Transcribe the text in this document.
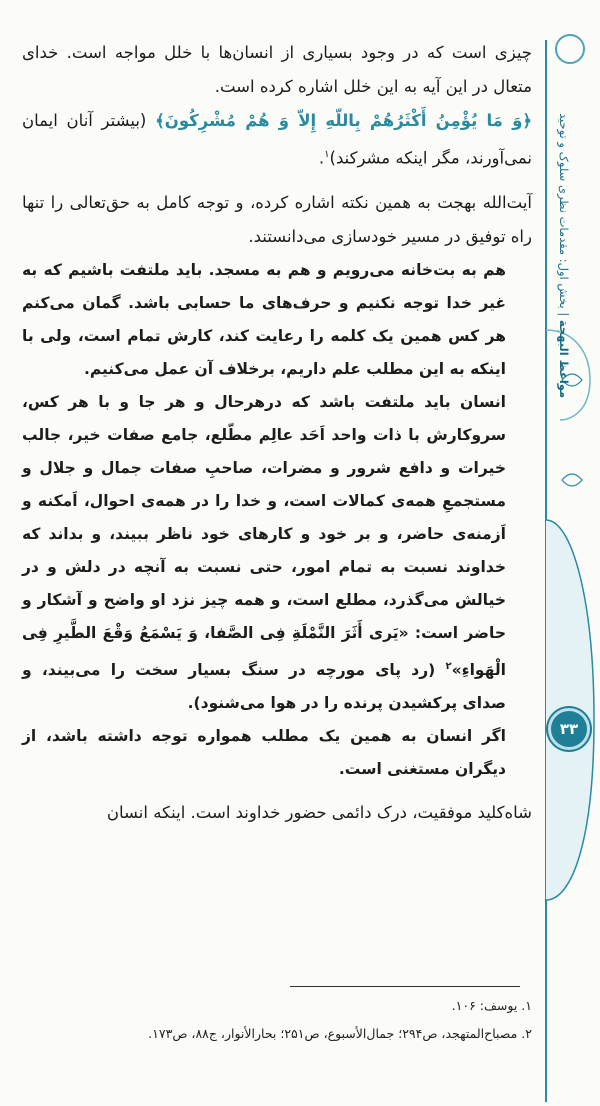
مواعظ البهجة | بخش اول: مقدمات نظری سلوک و توحید
۳۳

چیزی است که در وجود بسیاری از انسان‌ها با خلل مواجه است. خدای متعال در این آیه به این خلل اشاره کرده است.

﴿وَ مَا یُؤْمِنُ أَکْثَرُهُمْ بِاللّهِ إِلاّ وَ هُمْ مُشْرِکُونَ﴾ (بیشتر آنان ایمان نمی‌آورند، مگر اینکه مشرکند)$^۱$.

آیت‌الله بهجت به همین نکته اشاره کرده، و توجه کامل به حق‌تعالی را تنها راه توفیق در مسیر خودسازی می‌دانستند.

هم به بت‌خانه می‌رویم و هم به مسجد. باید ملتفت باشیم که به غیر خدا توجه نکنیم و حرف‌های ما حسابی باشد. گمان می‌کنم هر کس همین یک کلمه را رعایت کند، کارش تمام است، ولی با اینکه به این مطلب علم داریم، برخلاف آن عمل می‌کنیم.

انسان باید ملتفت باشد که درهرحال و هر جا و با هر کس، سروکارش با ذات واحد اَحَد عالِم مطّلع، جامع صفات خیر، جالب خیرات و دافع شرور و مضرات، صاحبِ صفات جمال و جلال و مستجمعِ همه‌ی کمالات است، و خدا را در همه‌ی احوال، اَمکنه و اَزمنه‌ی حاضر، و بر خود و کارهای خود ناظر ببیند، و بداند که خداوند نسبت به تمام امور، حتی نسبت به آنچه در دلش و در خیالش می‌گذرد، مطلع است، و همه چیز نزد او واضح و آشکار و حاضر است: «یَری أَثَرَ النَّمْلَةِ فِی الصَّفا، وَ یَسْمَعُ وَقْعَ الطَّیرِ فِی الْهَواءِ»$^۲$ (رد پای مورچه در سنگ بسیار سخت را می‌بیند، و صدای پرکشیدن پرنده را در هوا می‌شنود).

اگر انسان به همین یک مطلب همواره توجه داشته باشد، از دیگران مستغنی است.

شاه‌کلید موفقیت، درک دائمی حضور خداوند است. اینکه انسان

۱. یوسف: ۱۰۶.
۲. مصباح‌المتهجد، ص۲۹۴؛ جمال‌الأسبوع، ص۲۵۱؛ بحارالأنوار، ج۸۸، ص۱۷۳.
